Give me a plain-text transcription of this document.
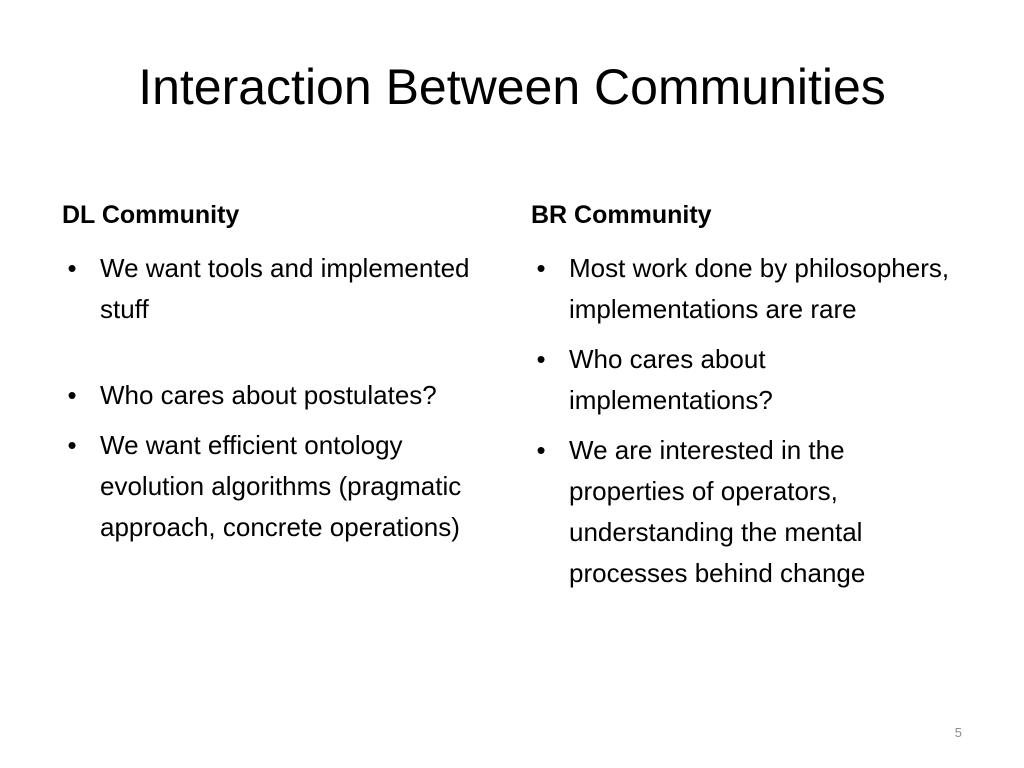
Interaction Between Communities
DL Community
• We want tools and implemented stuff
• Who cares about postulates?
• We want efficient ontology evolution algorithms (pragmatic approach, concrete operations)
BR Community
• Most work done by philosophers, implementations are rare
• Who cares about implementations?
• We are interested in the properties of operators, understanding the mental processes behind change
5
